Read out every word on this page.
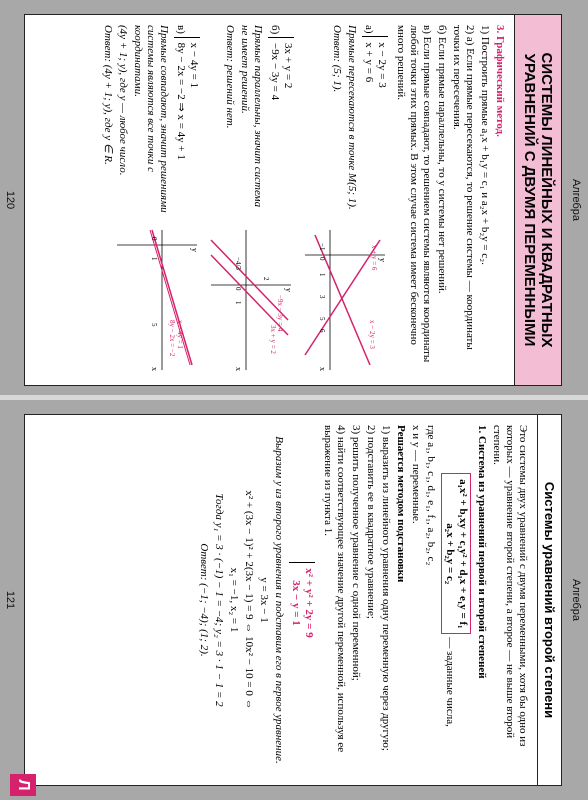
Алгебра
СИСТЕМЫ ЛИНЕЙНЫХ И КВАДРАТНЫХ УРАВНЕНИЙ С ДВУМЯ ПЕРЕМЕННЫМИ

3. Графический метод.

1) Построить прямые a₁x + b₁y = c₁ и a₂x + b₂y = c₂.

2) а) Если прямые пересекаются, то решение системы — координаты точки их пересечения.

б) Если прямые параллельны, то у системы нет решений.

в) Если прямые совпадают, то решением системы являются координаты любой точки этих прямых. В этом случае система имеет бесконечно много решений.

а)
x − 2y = 3
x + y = 6

Прямые пересекаются в точке M(5; 1).

Ответ: (5; 1).

x
y
x − 2y = 3
x + y = 6
−1
0
1
3
5
6
б)
3x + y = 2
−9x − 3y = 4

Прямые параллельны, значит система не имеет решений.

Ответ: решений нет.

x
y
3x + y = 2
−9x − 3y = 4
−4/3
0
1
2
в)
x − 4y = 1
8y − 2x = −2
⇒ x = 4y + 1

Прямые совпадают, значит решениями системы являются все точки с координатами.

(4y + 1; y), где y — любое число.

Ответ: (4y + 1; y), где y ∈ R.

x
y
x − 4y = 1
8y − 2x = −2
0
1
5
120
Алгебра
Системы уравнений второй степени

Это системы двух уравнений с двумя переменными, хотя бы одно из которых — уравнение второй степени, а второе — не выше второй степени.

1. Система из уравнений первой и второй степеней

a₁x² + b₁xy + c₁y² + d₁x + e₁y = f₁
a₂x + b₂y = c₂
— заданные числа,

где a₁, b₁, c₁, d₁, e₁, f₁, a₂, b₂, c₂

x и y — переменные.

Решается методом подстановки

1) выразить из линейного уравнения одну переменную через другую;

2) подставить ее в квадратное уравнение;

3) решить полученное уравнение с одной переменной;

4) найти соответствующее значение другой переменной, используя ее выражение из пункта 1.

x² + y² + 2y = 9
3x − y = 1

Выразим y из второго уравнения и подставим его в первое уравнение.

y = 3x − 1

x² + (3x − 1)² + 2(3x − 1) = 9 ⇔ 10x² − 10 = 0 ⇔

x₁ = −1, x₂ = 1

Тогда y₁ = 3 · (−1) − 1 = −4; y₂ = 3 · 1 − 1 = 2

Ответ: (−1; −4); (1; 2).

121
Л
